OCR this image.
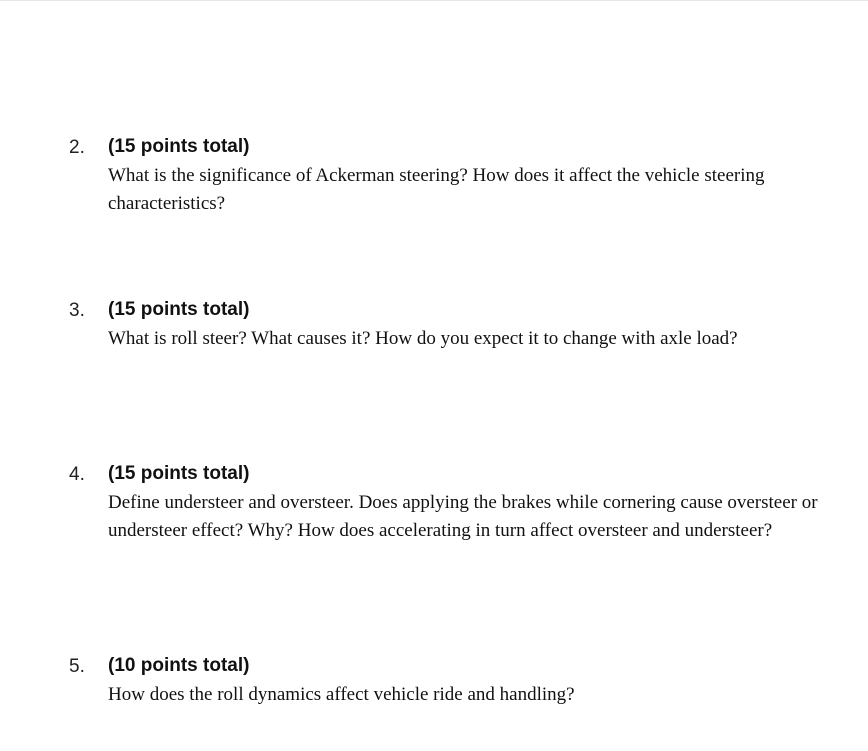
2. (15 points total)
What is the significance of Ackerman steering? How does it affect the vehicle steering characteristics?
3. (15 points total)
What is roll steer? What causes it? How do you expect it to change with axle load?
4. (15 points total)
Define understeer and oversteer. Does applying the brakes while cornering cause oversteer or understeer effect? Why? How does accelerating in turn affect oversteer and understeer?
5. (10 points total)
How does the roll dynamics affect vehicle ride and handling?
